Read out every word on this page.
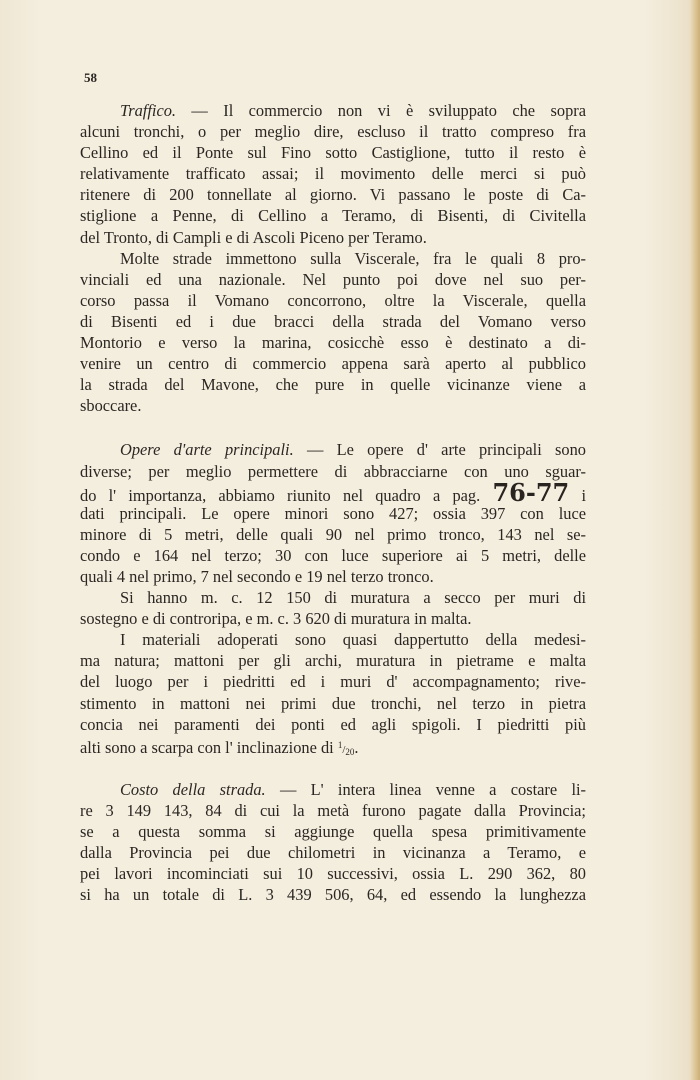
58
Traffico. — Il commercio non vi è sviluppato che sopra
alcuni tronchi, o per meglio dire, escluso il tratto compreso fra
Cellino ed il Ponte sul Fino sotto Castiglione, tutto il resto è
relativamente trafficato assai; il movimento delle merci si può
ritenere di 200 tonnellate al giorno. Vi passano le poste di Ca-
stiglione a Penne, di Cellino a Teramo, di Bisenti, di Civitella
del Tronto, di Campli e di Ascoli Piceno per Teramo.
Molte strade immettono sulla Viscerale, fra le quali 8 pro-
vinciali ed una nazionale. Nel punto poi dove nel suo per-
corso passa il Vomano concorrono, oltre la Viscerale, quella
di Bisenti ed i due bracci della strada del Vomano verso
Montorio e verso la marina, cosicchè esso è destinato a di-
venire un centro di commercio appena sarà aperto al pubblico
la strada del Mavone, che pure in quelle vicinanze viene a
sboccare.
Opere d'arte principali. — Le opere d' arte principali sono
diverse; per meglio permettere di abbracciarne con uno sguar-
do l' importanza, abbiamo riunito nel quadro a pag. 76-77 i
dati principali. Le opere minori sono 427; ossia 397 con luce
minore di 5 metri, delle quali 90 nel primo tronco, 143 nel se-
condo e 164 nel terzo; 30 con luce superiore ai 5 metri, delle
quali 4 nel primo, 7 nel secondo e 19 nel terzo tronco.
Si hanno m. c. 12 150 di muratura a secco per muri di
sostegno e di controripa, e m. c. 3 620 di muratura in malta.
I materiali adoperati sono quasi dappertutto della medesi-
ma natura; mattoni per gli archi, muratura in pietrame e malta
del luogo per i piedritti ed i muri d' accompagnamento; rive-
stimento in mattoni nei primi due tronchi, nel terzo in pietra
concia nei paramenti dei ponti ed agli spigoli. I piedritti più
alti sono a scarpa con l' inclinazione di $^1/_{20}$.
Costo della strada. — L' intera linea venne a costare li-
re 3 149 143, 84 di cui la metà furono pagate dalla Provincia;
se a questa somma si aggiunge quella spesa primitivamente
dalla Provincia pei due chilometri in vicinanza a Teramo, e
pei lavori incominciati sui 10 successivi, ossia L. 290 362, 80
si ha un totale di L. 3 439 506, 64, ed essendo la lunghezza
